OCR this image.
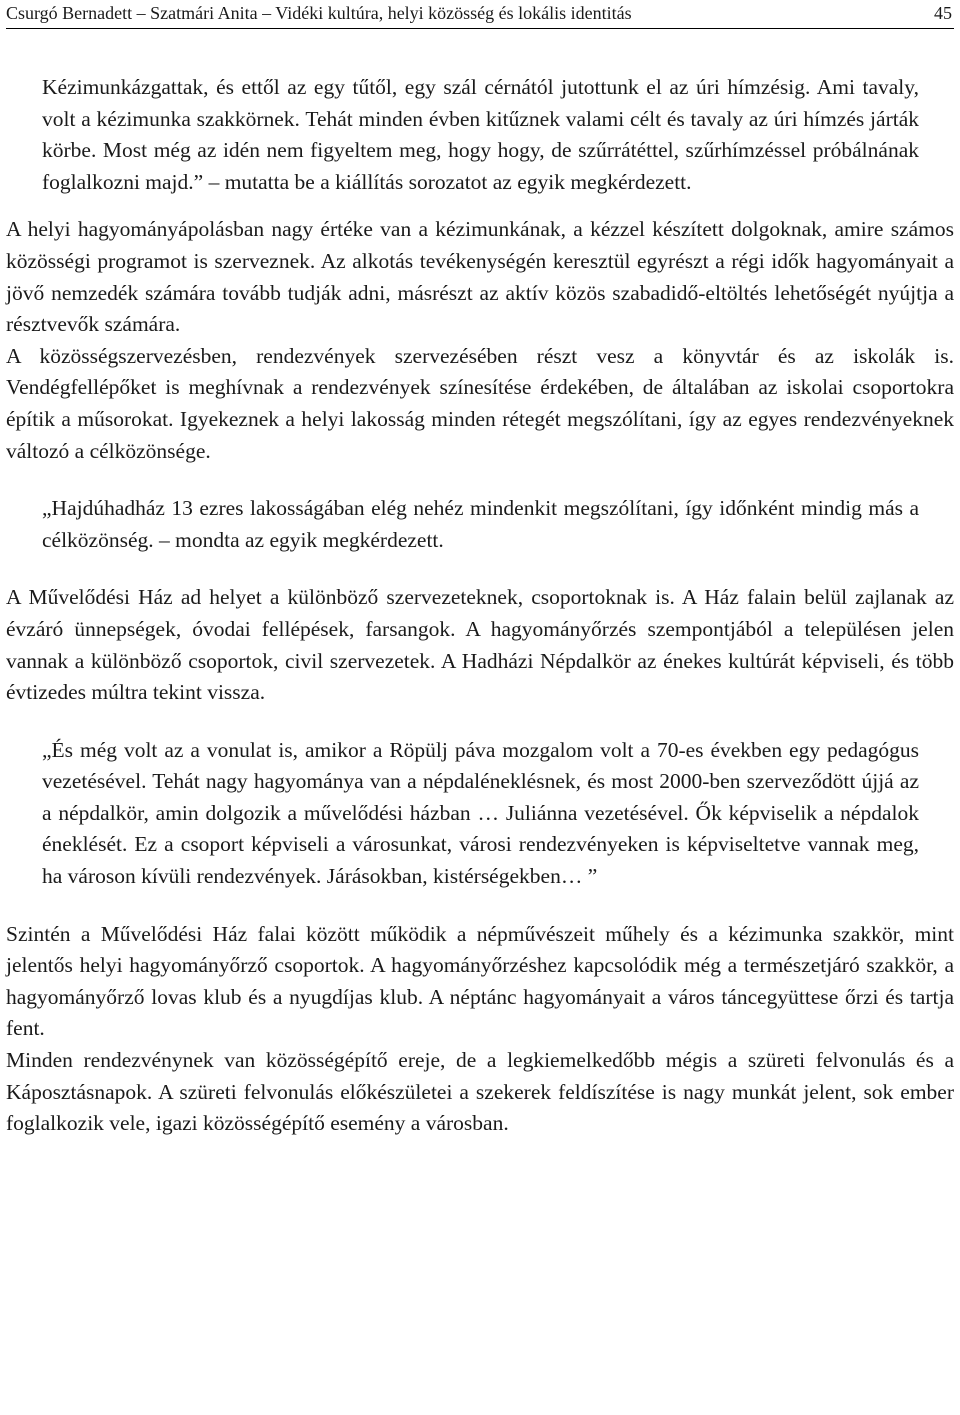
Csurgó Bernadett – Szatmári Anita – Vidéki kultúra, helyi közösség és lokális identitás	45

Kézimunkázgattak, és ettől az egy tűtől, egy szál cérnától jutottunk el az úri hímzésig. Ami tavaly, volt a kézimunka szakkörnek. Tehát minden évben kitűznek valami célt és tavaly az úri hímzés járták körbe. Most még az idén nem figyeltem meg, hogy hogy, de szűrrátéttel, szűrhímzéssel próbálnának foglalkozni majd.” – mutatta be a kiállítás sorozatot az egyik megkérdezett.

A helyi hagyományápolásban nagy értéke van a kézimunkának, a kézzel készített dolgoknak, amire számos közösségi programot is szerveznek. Az alkotás tevékenységén keresztül egyrészt a régi idők hagyományait a jövő nemzedék számára tovább tudják adni, másrészt az aktív közös szabadidő-eltöltés lehetőségét nyújtja a résztvevők számára.

A közösségszervezésben, rendezvények szervezésében részt vesz a könyvtár és az iskolák is. Vendégfellépőket is meghívnak a rendezvények színesítése érdekében, de általában az iskolai csoportokra építik a műsorokat. Igyekeznek a helyi lakosság minden rétegét megszólítani, így az egyes rendezvényeknek változó a célközönsége.

„Hajdúhadház 13 ezres lakosságában elég nehéz mindenkit megszólítani, így időnként mindig más a célközönség. – mondta az egyik megkérdezett.

A Művelődési Ház ad helyet a különböző szervezeteknek, csoportoknak is. A Ház falain belül zajlanak az évzáró ünnepségek, óvodai fellépések, farsangok. A hagyományőrzés szempontjából a településen jelen vannak a különböző csoportok, civil szervezetek. A Hadházi Népdalkör az énekes kultúrát képviseli, és több évtizedes múltra tekint vissza.

„És még volt az a vonulat is, amikor a Röpülj páva mozgalom volt a 70-es években egy pedagógus vezetésével. Tehát nagy hagyománya van a népdaléneklésnek, és most 2000-ben szerveződött újjá az a népdalkör, amin dolgozik a művelődési házban … Juliánna vezetésével. Ők képviselik a népdalok éneklését. Ez a csoport képviseli a városunkat, városi rendezvényeken is képviseltetve vannak meg, ha városon kívüli rendezvények. Járásokban, kistérségekben… ”

Szintén a Művelődési Ház falai között működik a népművészeit műhely és a kézimunka szakkör, mint jelentős helyi hagyományőrző csoportok. A hagyományőrzéshez kapcsolódik még a természetjáró szakkör, a hagyományőrző lovas klub és a nyugdíjas klub. A néptánc hagyományait a város táncegyüttese őrzi és tartja fent.

Minden rendezvénynek van közösségépítő ereje, de a legkiemelkedőbb mégis a szüreti felvonulás és a Káposztásnapok. A szüreti felvonulás előkészületei a szekerek feldíszítése is nagy munkát jelent, sok ember foglalkozik vele, igazi közösségépítő esemény a városban.
